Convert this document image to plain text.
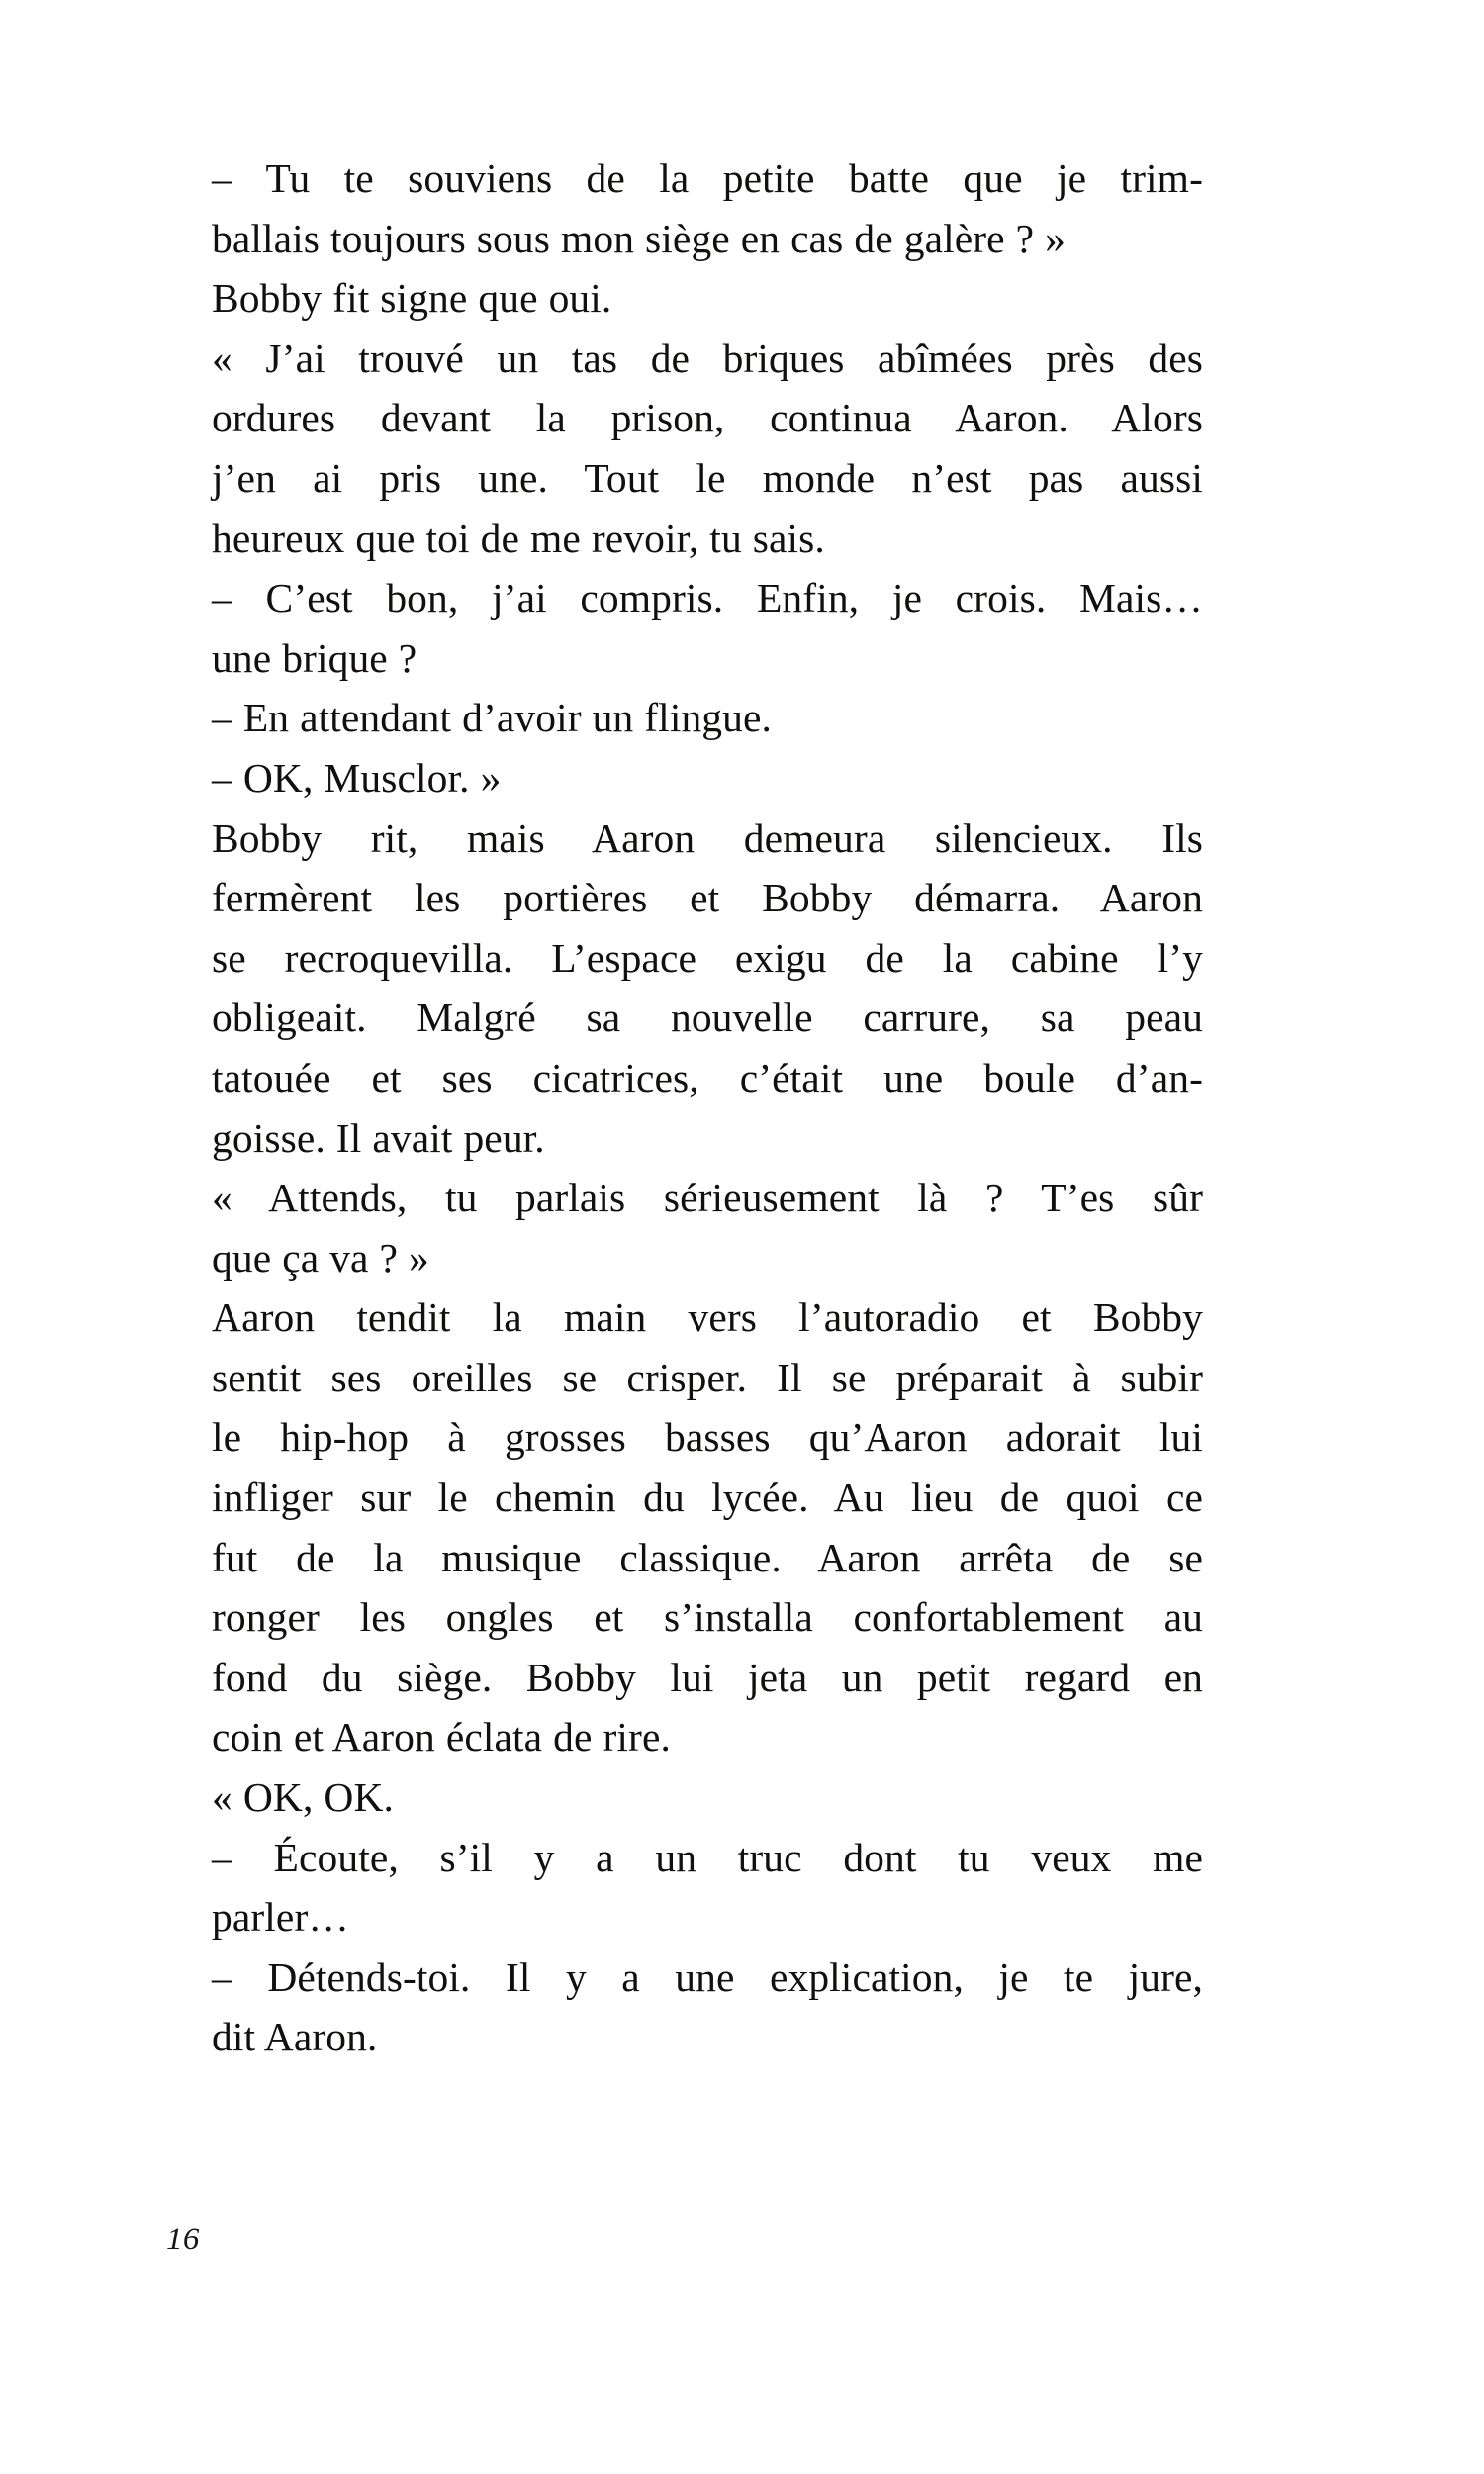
– Tu te souviens de la petite batte que je trim-
ballais toujours sous mon siège en cas de galère ? »

Bobby fit signe que oui.

« J’ai trouvé un tas de briques abîmées près des
ordures devant la prison, continua Aaron. Alors
j’en ai pris une. Tout le monde n’est pas aussi
heureux que toi de me revoir, tu sais.

– C’est bon, j’ai compris. Enfin, je crois. Mais…
une brique ?

– En attendant d’avoir un flingue.

– OK, Musclor. »

Bobby rit, mais Aaron demeura silencieux. Ils
fermèrent les portières et Bobby démarra. Aaron
se recroquevilla. L’espace exigu de la cabine l’y
obligeait. Malgré sa nouvelle carrure, sa peau
tatouée et ses cicatrices, c’était une boule d’an-
goisse. Il avait peur.

« Attends, tu parlais sérieusement là ? T’es sûr
que ça va ? »

Aaron tendit la main vers l’autoradio et Bobby
sentit ses oreilles se crisper. Il se préparait à subir
le hip-hop à grosses basses qu’Aaron adorait lui
infliger sur le chemin du lycée. Au lieu de quoi ce
fut de la musique classique. Aaron arrêta de se
ronger les ongles et s’installa confortablement au
fond du siège. Bobby lui jeta un petit regard en
coin et Aaron éclata de rire.

« OK, OK.

– Écoute, s’il y a un truc dont tu veux me
parler…

– Détends-toi. Il y a une explication, je te jure,
dit Aaron.

16
